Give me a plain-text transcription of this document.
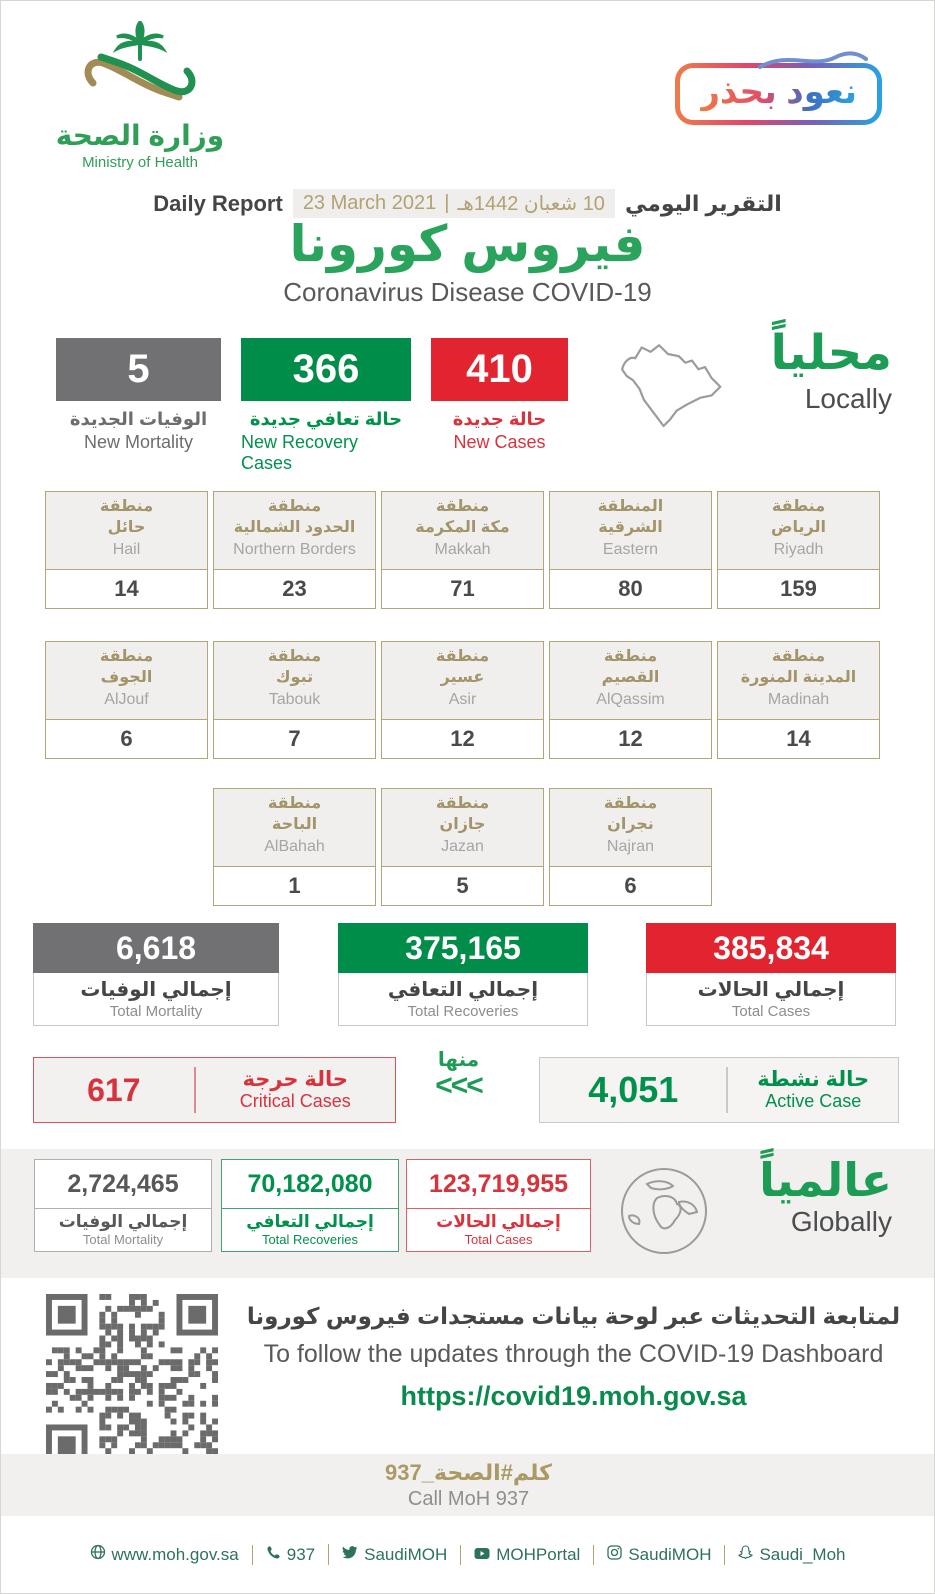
وزارة الصحة
Ministry of Health
نعود بحذر
Daily Report 23 March 2021 | 10 شعبان 1442هـ التقرير اليومي
فيروس كورونا
Coronavirus Disease COVID-19
5
الوفيات الجديدة
New Mortality
366
حالة تعافي جديدة
New Recovery Cases
410
حالة جديدة
New Cases
محلياً
Locally
منطقة
حائل
Hail
14
منطقة
الحدود الشمالية
Northern Borders
23
منطقة
مكة المكرمة
Makkah
71
المنطقة
الشرقية
Eastern
80
منطقة
الرياض
Riyadh
159
منطقة
الجوف
AlJouf
6
منطقة
تبوك
Tabouk
7
منطقة
عسير
Asir
12
منطقة
القصيم
AlQassim
12
منطقة
المدينة المنورة
Madinah
14
منطقة
الباحة
AlBahah
1
منطقة
جازان
Jazan
5
منطقة
نجران
Najran
6
6,618
إجمالي الوفيات
Total Mortality
375,165
إجمالي التعافي
Total Recoveries
385,834
إجمالي الحالات
Total Cases
617	حالة حرجة
Critical Cases
منها
<<<	4,051	حالة نشطة
Active Case
2,724,465
إجمالي الوفيات
Total Mortality
70,182,080
إجمالي التعافي
Total Recoveries
123,719,955
إجمالي الحالات
Total Cases
عالمياً
Globally
لمتابعة التحديثات عبر لوحة بيانات مستجدات فيروس كورونا
To follow the updates through the COVID-19 Dashboard
https://covid19.moh.gov.sa
كلم#الصحة_937
Call MoH 937
www.moh.gov.sa	937	SaudiMOH	MOHPortal	SaudiMOH	Saudi_Moh
